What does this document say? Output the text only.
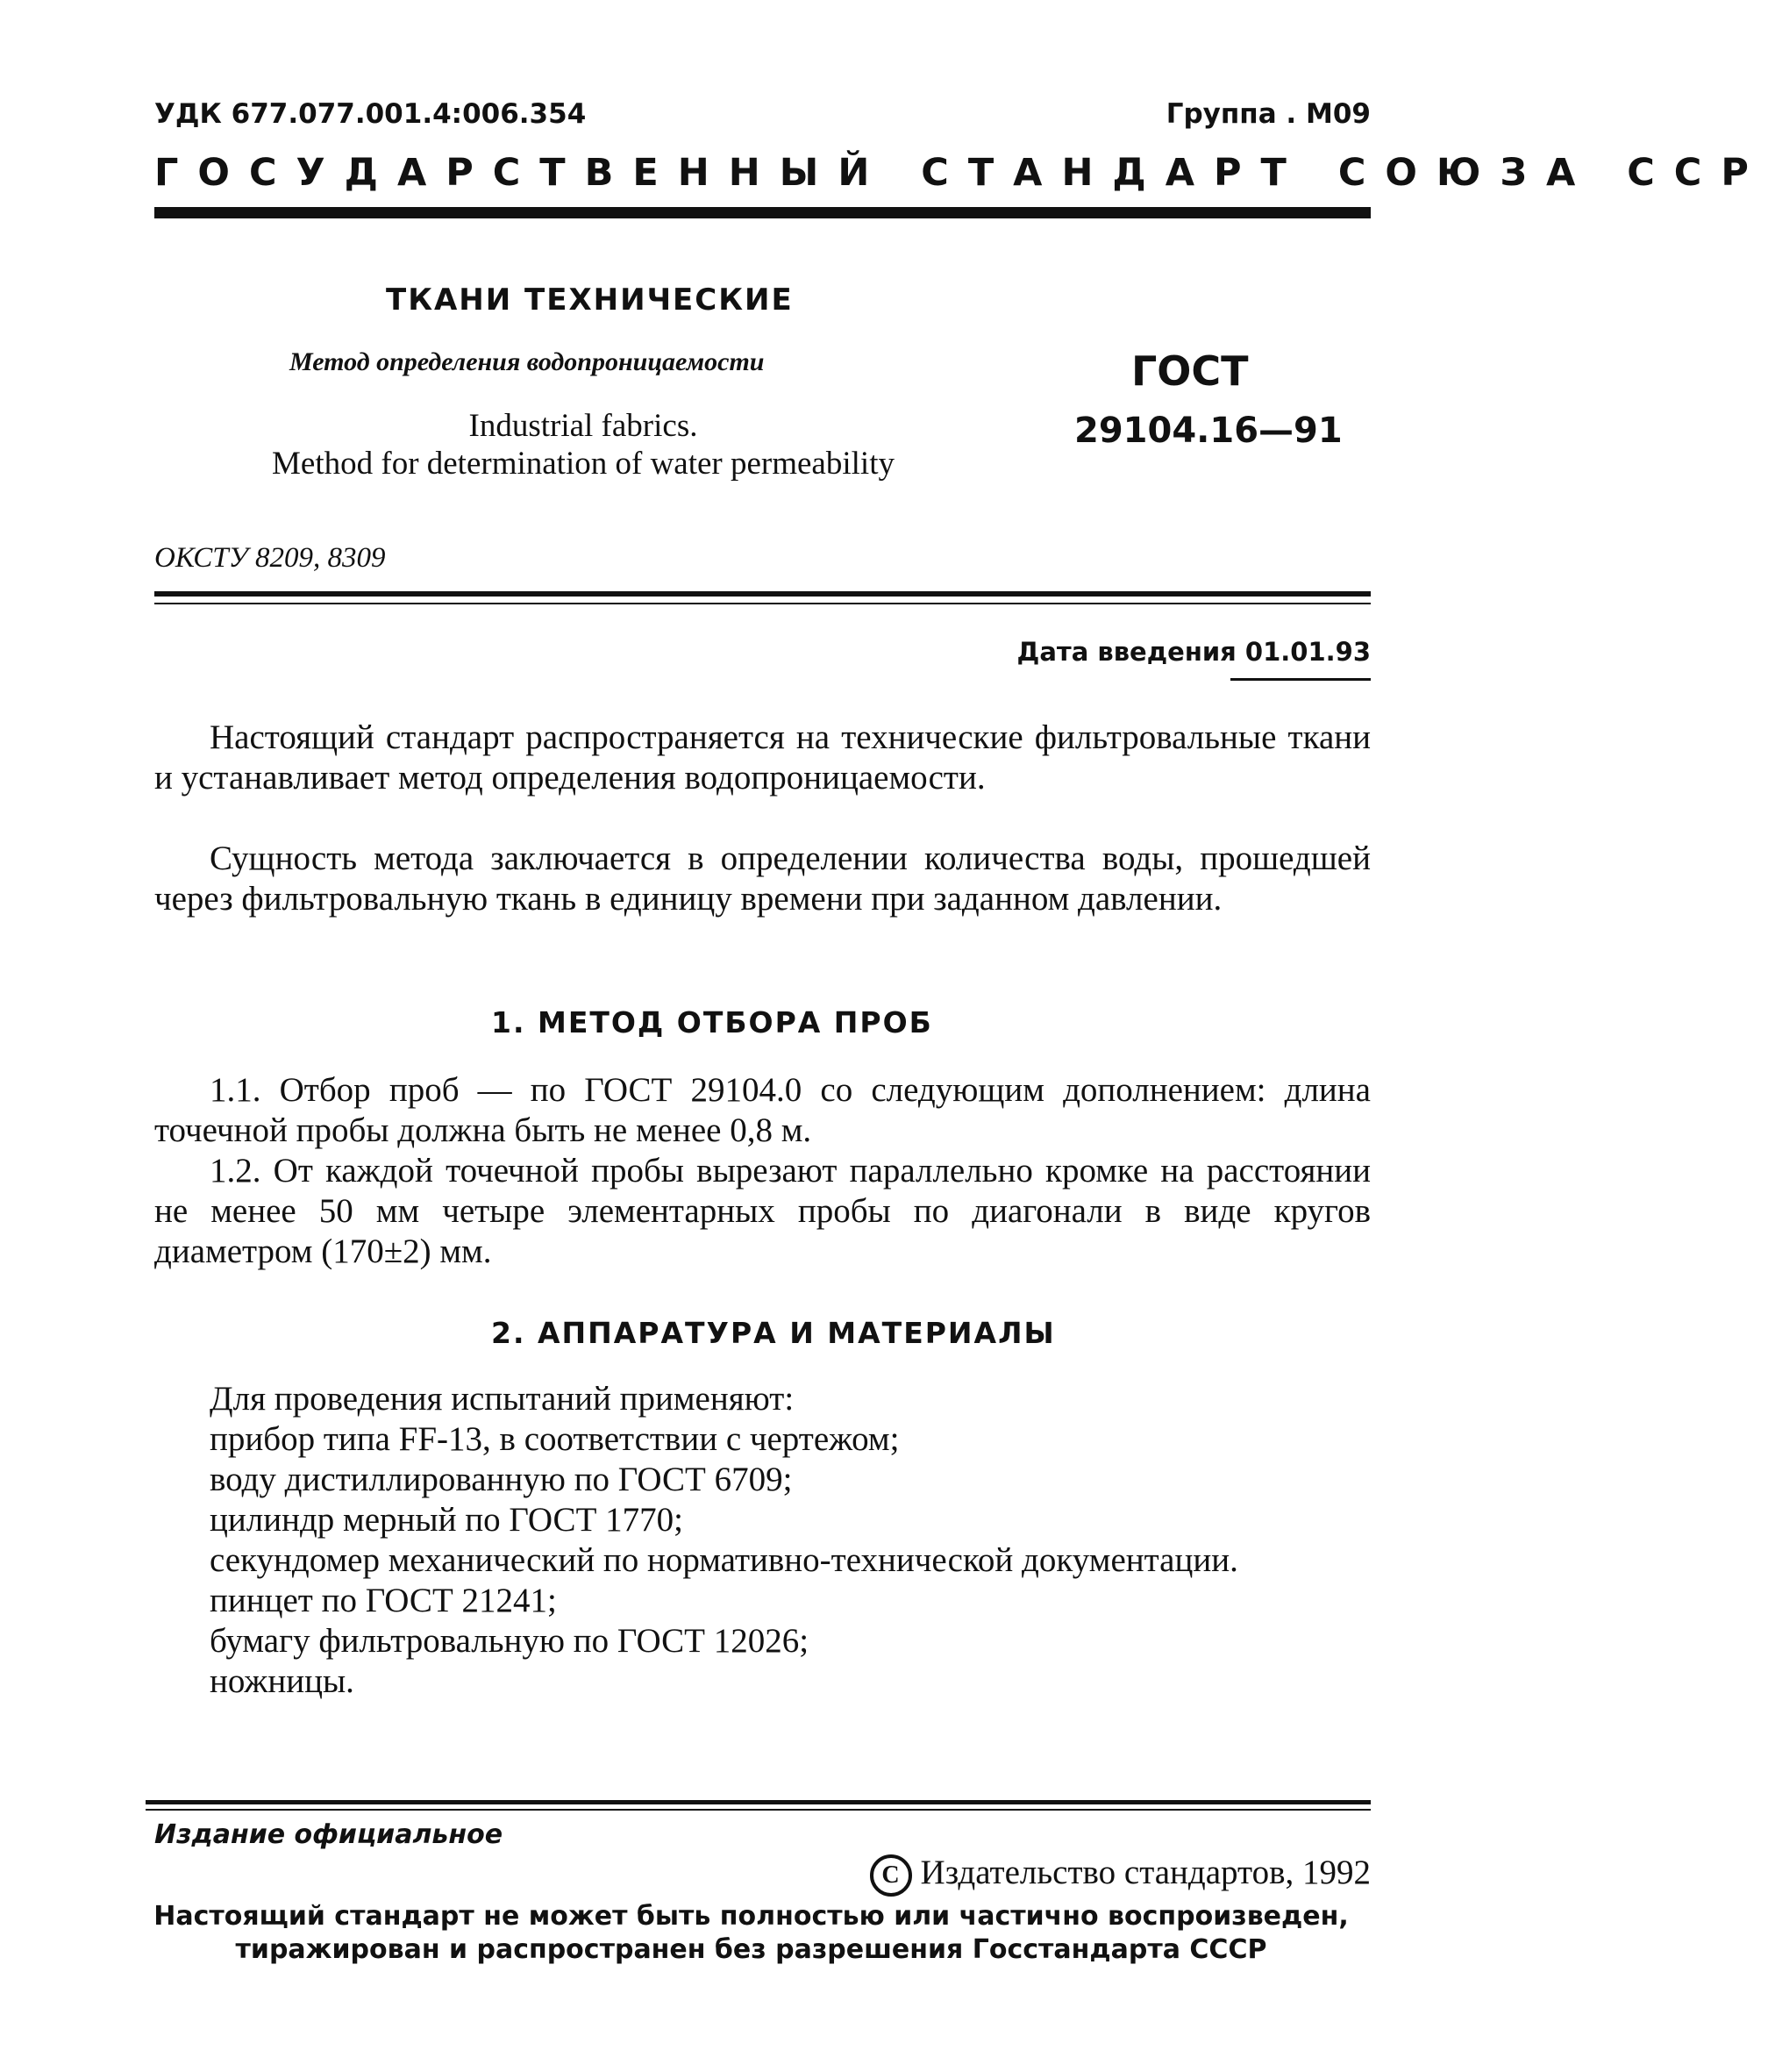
УДК 677.077.001.4:006.354	Группа . М09
ГОСУДАРСТВЕННЫЙ СТАНДАРТ СОЮЗА ССР
ТКАНИ ТЕХНИЧЕСКИЕ
Метод определения водопроницаемости
Industrial fabrics.
Method for determination of water permeability
ГОСТ
29104.16—91
ОКСТУ 8209, 8309
Дата введения 01.01.93

Настоящий стандарт распространяется на технические фильтровальные ткани и устанавливает метод определения водопроницаемости.

Сущность метода заключается в определении количества воды, прошедшей через фильтровальную ткань в единицу времени при заданном давлении.

1. МЕТОД ОТБОРА ПРОБ

1.1. Отбор проб — по ГОСТ 29104.0 со следующим дополнением: длина точечной пробы должна быть не менее 0,8 м.

1.2. От каждой точечной пробы вырезают параллельно кромке на расстоянии не менее 50 мм четыре элементарных пробы по диагонали в виде кругов диаметром (170±2) мм.

2. АППАРАТУРА И МАТЕРИАЛЫ
Для проведения испытаний применяют:
прибор типа FF-13, в соответствии с чертежом;
воду дистиллированную по ГОСТ 6709;
цилиндр мерный по ГОСТ 1770;
секундомер механический по нормативно-технической документации.
пинцет по ГОСТ 21241;
бумагу фильтровальную по ГОСТ 12026;
ножницы.
Издание официальное
С Издательство стандартов, 1992
Настоящий стандарт не может быть полностью или частично воспроизведен,
тиражирован и распространен без разрешения Госстандарта СССР
